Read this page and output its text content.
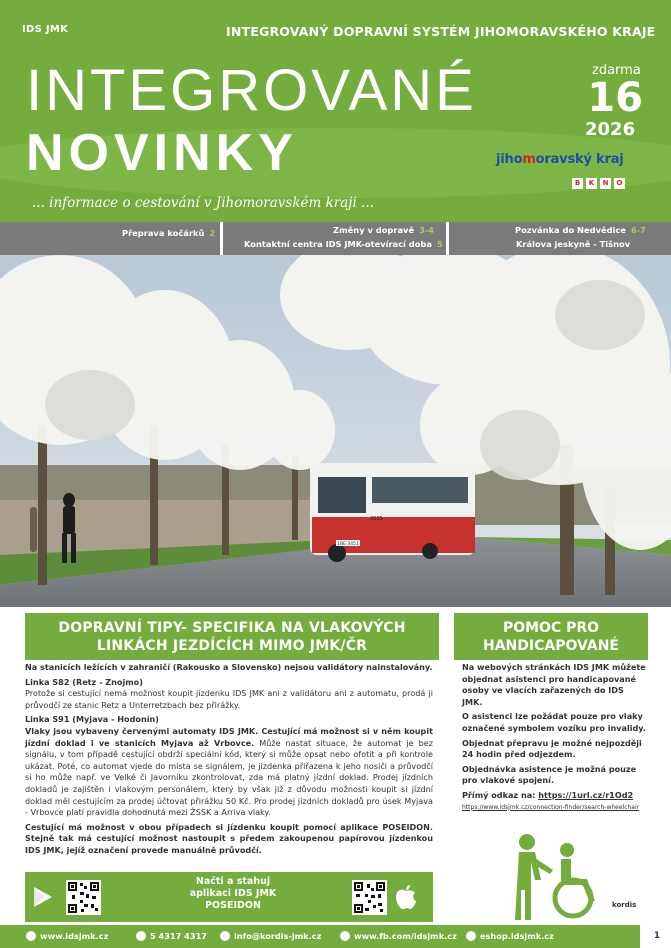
IDS JMK	INTEGROVANÝ DOPRAVNÍ SYSTÉM JIHOMORAVSKÉHO KRAJE
INTEGROVANÉ
NOVINKY
... informace o cestování v Jihomoravském kraji ...
zdarma
16
2026
jihomoravský kraj
B	K	N	O
Přeprava kočárků 2	Změny v dopravě 3-4
Kontaktní centra IDS JMK-otevírací doba 5
Pozvánka do Nedvědice 6-7
Králova jeskyně - Tišnov
1BE 3451
3635
DOPRAVNÍ TIPY- SPECIFIKA NA VLAKOVÝCH LINKÁCH JEZDÍCÍCH MIMO JMK/ČR
POMOC PRO HANDICAPOVANÉ

Na stanicích ležících v zahraničí (Rakousko a Slovensko) nejsou validátory nainstalovány.

Linka S82 (Retz - Znojmo)

Protože si cestující nemá možnost koupit jízdenku IDS JMK ani z validátoru ani z automatu, prodá ji průvodčí ze stanic Retz a Unterretzbach bez přirážky.

Linka S91 (Myjava - Hodonín)

Vlaky jsou vybaveny červenými automaty IDS JMK. Cestující má možnost si v něm koupit jízdní doklad i ve stanicích Myjava až Vrbovce. Může nastat situace, že automat je bez signálu, v tom případě cestující obdrží speciální kód, který si může opsat nebo ofotit a při kontrole ukázat. Poté, co automat vjede do místa se signálem, je jízdenka přiřazena k jeho nosiči a průvodčí si ho může např. ve Velké či Javorníku zkontrolovat, zda má platný jízdní doklad. Prodej jízdních dokladů je zajištěn i vlakovým personálem, který by však již z důvodu možnosti koupit si jízdní doklad měl cestujícím za prodej účtovat přirážku 50 Kč. Pro prodej jízdních dokladů pro úsek Myjava - Vrbovce platí pravidla dohodnutá mezi ŽSSK a Arriva vlaky.

Cestující má možnost v obou případech si jízdenku koupit pomocí aplikace POSEIDON. Stejně tak má cestující možnost nastoupit s předem zakoupenou papírovou jízdenkou IDS JMK, jejíž označení provede manuálně průvodčí.

Na webových stránkách IDS JMK můžete objednat asistenci pro handicapované osoby ve vlacích zařazených do IDS JMK.

O asistenci lze požádat pouze pro vlaky označené symbolem vozíku pro invalidy.

Objednat přepravu je možné nejpozději 24 hodin před odjezdem.

Objednávka asistence je možná pouze pro vlakové spojení.

Přímý odkaz na: https://1url.cz/r1Od2

https://www.idsjmk.cz/connection-finder/search-wheelchair

Načti a stahuj
aplikaci IDS JMK
POSEIDON	kordis
www.idsjmk.cz	5 4317 4317	info@kordis-jmk.cz	www.fb.com/idsjmk.cz	eshop.idsjmk.cz	1
